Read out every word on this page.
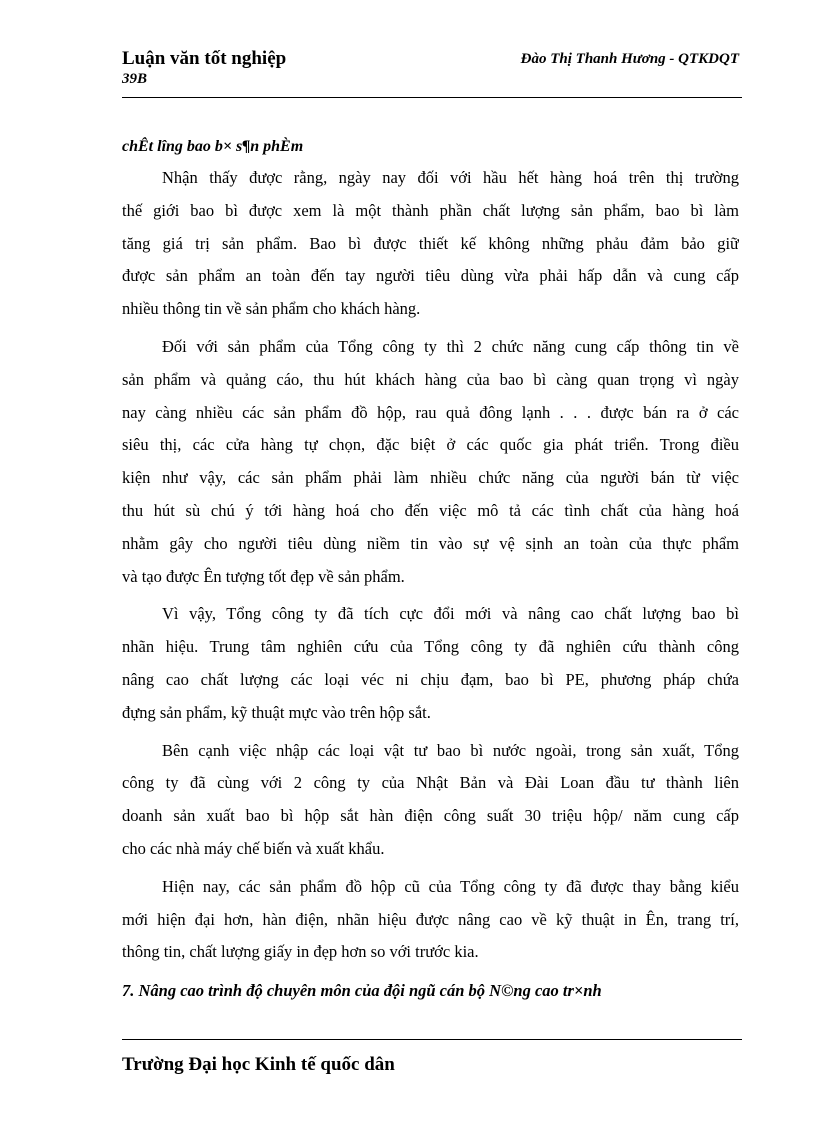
Luận văn tốt nghiệp
39B
Đào Thị Thanh Hương - QTKDQT
chÊt lîng bao b× s¶n phÈm
Nhận thấy được rằng, ngày nay đối với hầu hết hàng hoá trên thị trường
thế giới bao bì được xem là một thành phần chất lượng sản phẩm, bao bì làm
tăng giá trị sản phẩm. Bao bì được thiết kế không những phảu đảm bảo giữ
được sản phẩm an toàn đến tay người tiêu dùng vừa phải hấp dẫn và cung cấp
nhiều thông tin về sản phẩm cho khách hàng.
Đối với sản phẩm của Tổng công ty thì 2 chức năng cung cấp thông tin về
sản phẩm và quảng cáo, thu hút khách hàng của bao bì càng quan trọng vì ngày
nay càng nhiều các sản phẩm đồ hộp, rau quả đông lạnh . . . được bán ra ở các
siêu thị, các cửa hàng tự chọn, đặc biệt ở các quốc gia phát triển. Trong điều
kiện như vậy, các sản phẩm phải làm nhiều chức năng của người bán từ việc
thu hút sù chú ý tới hàng hoá cho đến việc mô tả các tình chất của hàng hoá
nhằm gây cho người tiêu dùng niềm tin vào sự vệ sịnh an toàn của thực phẩm
và tạo được Ên tượng tốt đẹp về sản phẩm.
Vì vậy, Tổng công ty đã tích cực đổi mới và nâng cao chất lượng bao bì
nhãn hiệu. Trung tâm nghiên cứu của Tổng công ty đã nghiên cứu thành công
nâng cao chất lượng các loại véc ni chịu đạm, bao bì PE, phương pháp chứa
đựng sản phẩm, kỹ thuật mực vào trên hộp sắt.
Bên cạnh việc nhập các loại vật tư bao bì nước ngoài, trong sản xuất, Tổng
công ty đã cùng với 2 công ty của Nhật Bản và Đài Loan đầu tư thành liên
doanh sản xuất bao bì hộp sắt hàn điện công suất 30 triệu hộp/ năm cung cấp
cho các nhà máy chế biến và xuất khẩu.
Hiện nay, các sản phẩm đồ hộp cũ của Tổng công ty đã được thay bằng kiểu
mới hiện đại hơn, hàn điện, nhãn hiệu được nâng cao về kỹ thuật in Ên, trang trí,
thông tin, chất lượng giấy in đẹp hơn so với trước kia.
7. Nâng cao trình độ chuyên môn của đội ngũ cán bộ N©ng cao tr×nh
Trường Đại học Kinh tế quốc dân
